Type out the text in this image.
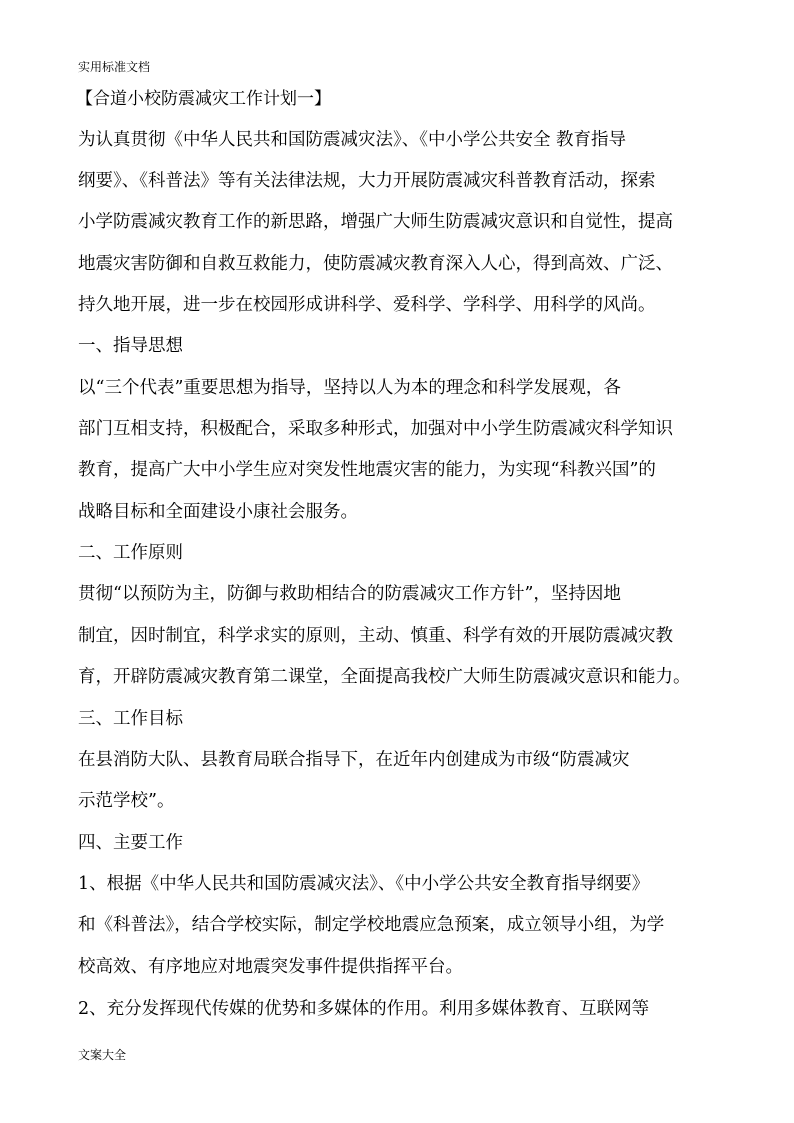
实用标准文档
【合道小校防震减灾工作计划一】
为认真贯彻《中华人民共和国防震减灾法》、《中小学公共安全 教育指导
纲要》、《科普法》等有关法律法规，大力开展防震减灾科普教育活动，探索
小学防震减灾教育工作的新思路，增强广大师生防震减灾意识和自觉性，提高
地震灾害防御和自救互救能力，使防震减灾教育深入人心，得到高效、广泛、
持久地开展，进一步在校园形成讲科学、爱科学、学科学、用科学的风尚。
一、指导思想
以“三个代表”重要思想为指导，坚持以人为本的理念和科学发展观，各
部门互相支持，积极配合，采取多种形式，加强对中小学生防震减灾科学知识
教育，提高广大中小学生应对突发性地震灾害的能力，为实现“科教兴国”的
战略目标和全面建设小康社会服务。
二、工作原则
贯彻“以预防为主，防御与救助相结合的防震减灾工作方针”，坚持因地
制宜，因时制宜，科学求实的原则，主动、慎重、科学有效的开展防震减灾教
育，开辟防震减灾教育第二课堂，全面提高我校广大师生防震减灾意识和能力。
三、工作目标
在县消防大队、县教育局联合指导下，在近年内创建成为市级“防震减灾
示范学校”。
四、主要工作
1、根据《中华人民共和国防震减灾法》、《中小学公共安全教育指导纲要》
和《科普法》，结合学校实际，制定学校地震应急预案，成立领导小组，为学
校高效、有序地应对地震突发事件提供指挥平台。
2、充分发挥现代传媒的优势和多媒体的作用。利用多媒体教育、互联网等
文案大全
